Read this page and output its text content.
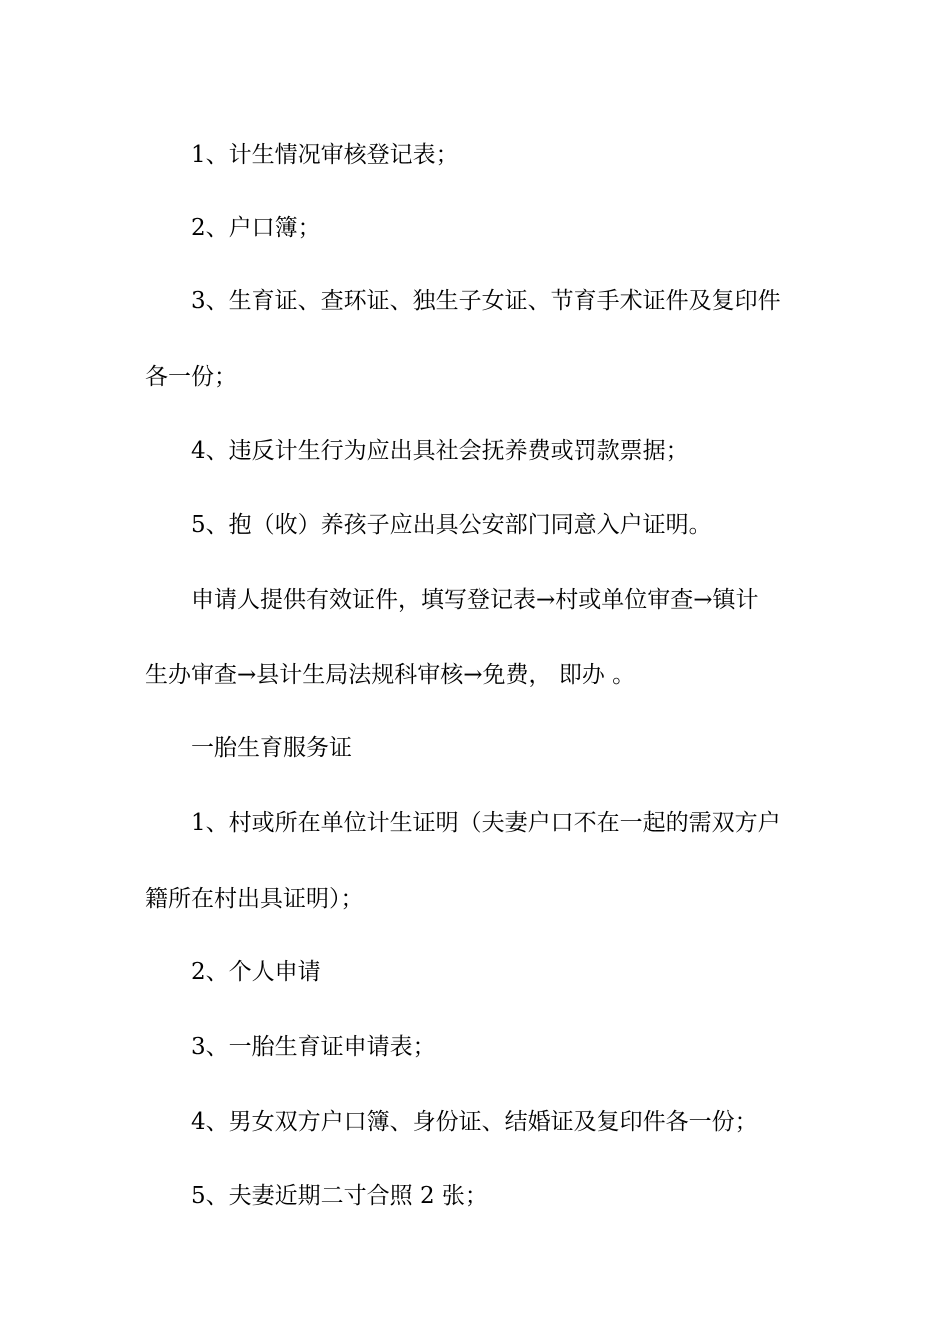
1、计生情况审核登记表；
2、户口簿；
3、生育证、查环证、独生子女证、节育手术证件及复印件
各一份；
4、违反计生行为应出具社会抚养费或罚款票据；
5、抱（收）养孩子应出具公安部门同意入户证明。
申请人提供有效证件，填写登记表→村或单位审查→镇计
生办审查→县计生局法规科审核→免费， 即办 。
一胎生育服务证
1、村或所在单位计生证明（夫妻户口不在一起的需双方户
籍所在村出具证明）；
2、个人申请
3、一胎生育证申请表；
4、男女双方户口簿、身份证、结婚证及复印件各一份；
5、夫妻近期二寸合照 2 张；
